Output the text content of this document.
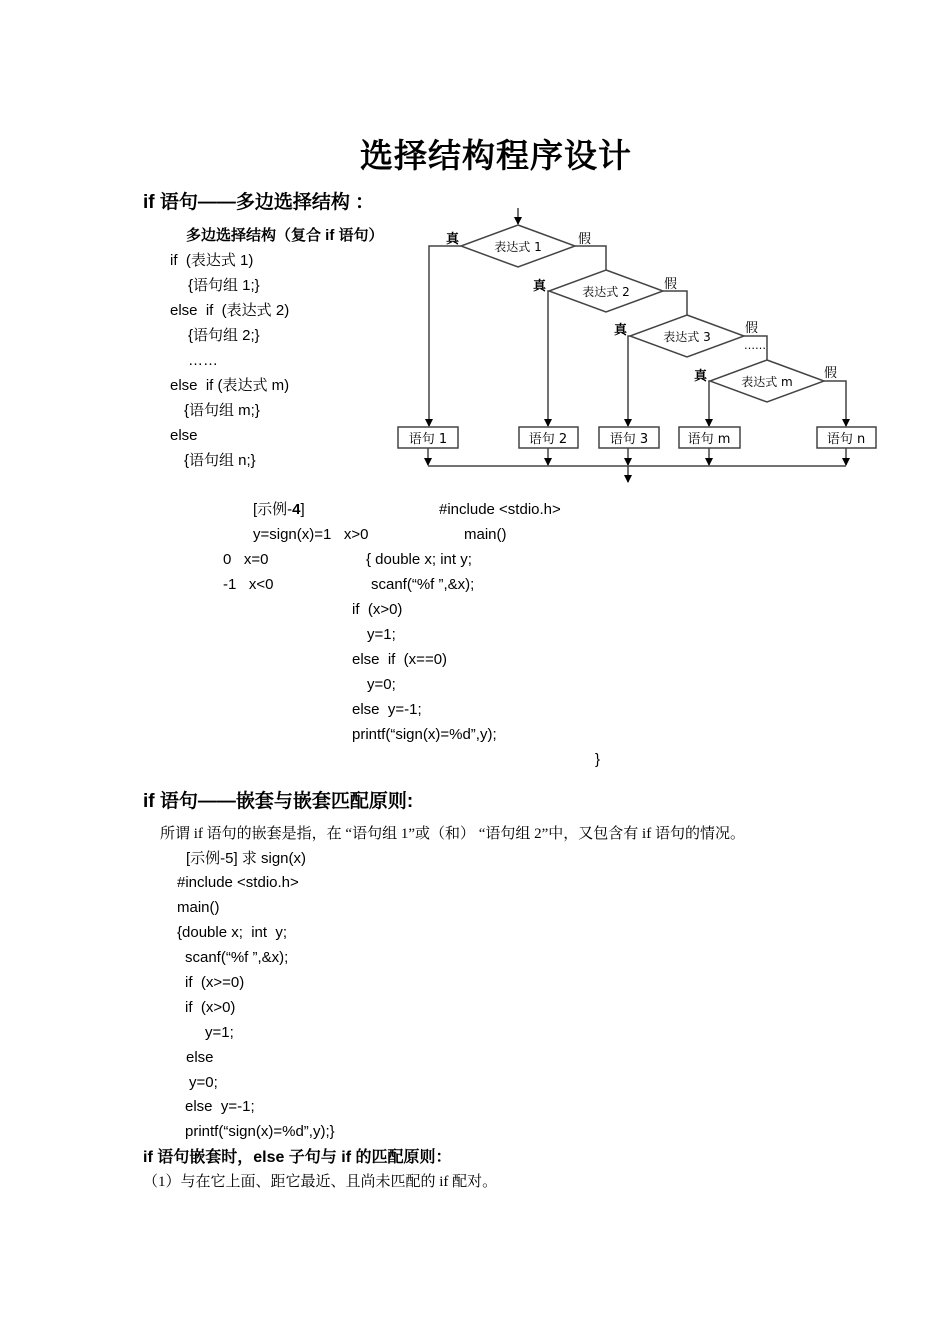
选择结构程序设计
if 语句——多边选择结构 ：
多边选择结构（复合 if 语句）
if  (表达式 1)
{语句组 1;}
else  if  (表达式 2)
{语句组 2;}
……
else  if (表达式 m)
{语句组 m;}
else
{语句组 n;}
表达式 1
表达式 2
表达式 3
表达式 m
真	假
真	假
真	假
真	假
……
语句 1	语句 2	语句 3	语句 m	语句 n
[示例-4]
y=sign(x)=1   x>0
0   x=0
-1   x<0
#include <stdio.h>
main()
{ double x; int y;
scanf(“%f ”,&x);
if  (x>0)
y=1;
else  if  (x==0)
y=0;
else  y=-1;
printf(“sign(x)=%d”,y);
}
if 语句——嵌套与嵌套匹配原则:
所谓 if 语句的嵌套是指，在 “语句组 1”或（和） “语句组 2”中，又包含有 if 语句的情况。
[示例-5] 求 sign(x)
#include <stdio.h>
main()
{double x;  int  y;
scanf(“%f ”,&x);
if  (x>=0)
if  (x>0)
y=1;
else
y=0;
else  y=-1;
printf(“sign(x)=%d”,y);}
if 语句嵌套时，else 子句与 if 的匹配原则：
（1）与在它上面、距它最近、且尚未匹配的 if 配对。
